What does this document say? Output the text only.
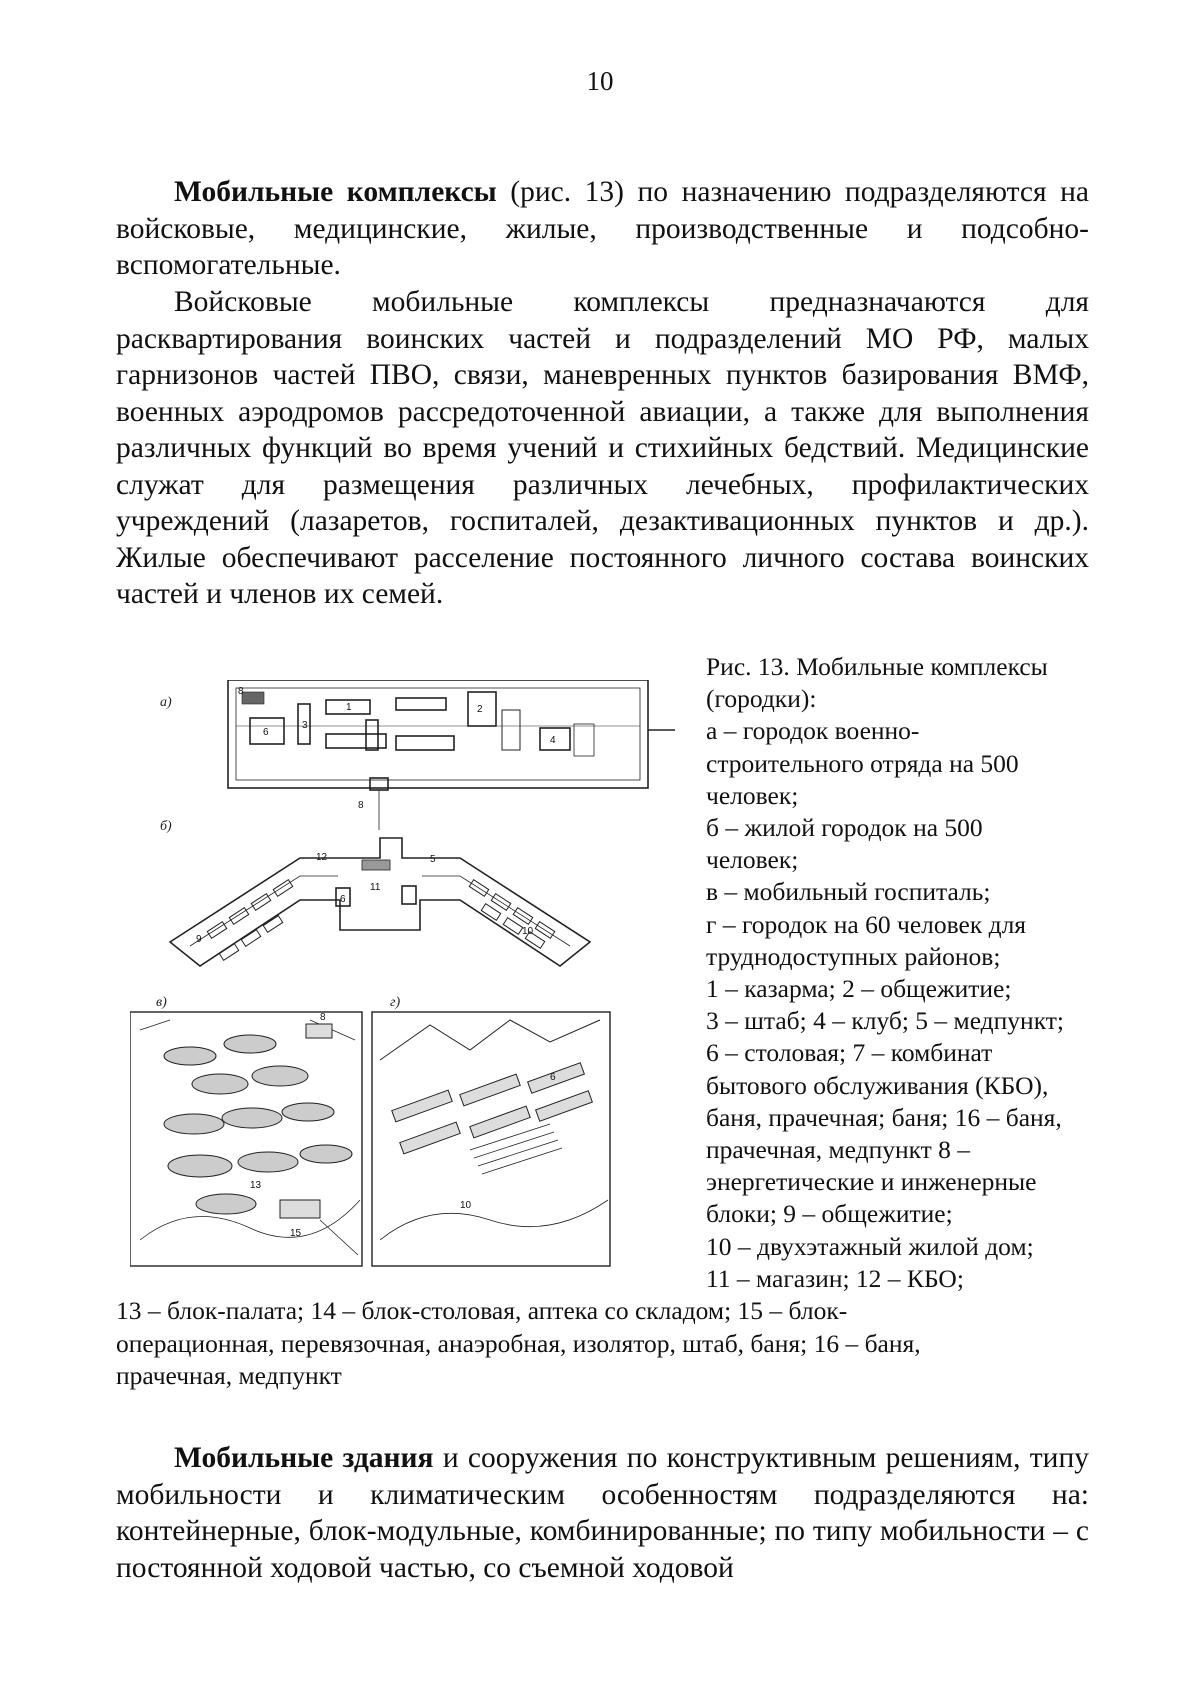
10

Мобильные комплексы (рис. 13) по назначению подразделяются на войсковые, медицинские, жилые, производственные и подсобно-вспомогательные.

Войсковые мобильные комплексы предназначаются для расквартирования воинских частей и подразделений МО РФ, малых гарнизонов частей ПВО, связи, маневренных пунктов базирования ВМФ, военных аэродромов рассредоточенной авиации, а также для выполнения различных функций во время учений и стихийных бедствий. Медицинские служат для размещения различных лечебных, профилактических учреждений (лазаретов, госпиталей, дезактивационных пунктов и др.). Жилые обеспечивают расселение постоянного личного состава воинских частей и членов их семей.

а)
8
6
1	2
3
4
б)
8
12	5
6
11
9
10
в)
8
13
15
г)
6
10
Рис. 13. Мобильные комплексы
(городки):
а – городок военно-
строительного отряда на 500
человек;
б – жилой городок на 500
человек;
в – мобильный госпиталь;
г – городок на 60 человек для
труднодоступных районов;
1 – казарма; 2 – общежитие;
3 – штаб; 4 – клуб; 5 – медпункт;
6 – столовая; 7 – комбинат
бытового обслуживания (КБО),
баня, прачечная; баня; 16 – баня,
прачечная, медпункт 8 –
энергетические и инженерные
блоки; 9 – общежитие;
10 – двухэтажный жилой дом;
11 – магазин; 12 – КБО;
13 – блок-палата; 14 – блок-столовая, аптека со складом; 15 – блок-
операционная, перевязочная, анаэробная, изолятор, штаб, баня; 16 – баня,
прачечная, медпункт

Мобильные здания и сооружения по конструктивным решениям, типу мобильности и климатическим особенностям подразделяются на: контейнерные, блок-модульные, комбинированные; по типу мобильности – с постоянной ходовой частью, со съемной ходовой
